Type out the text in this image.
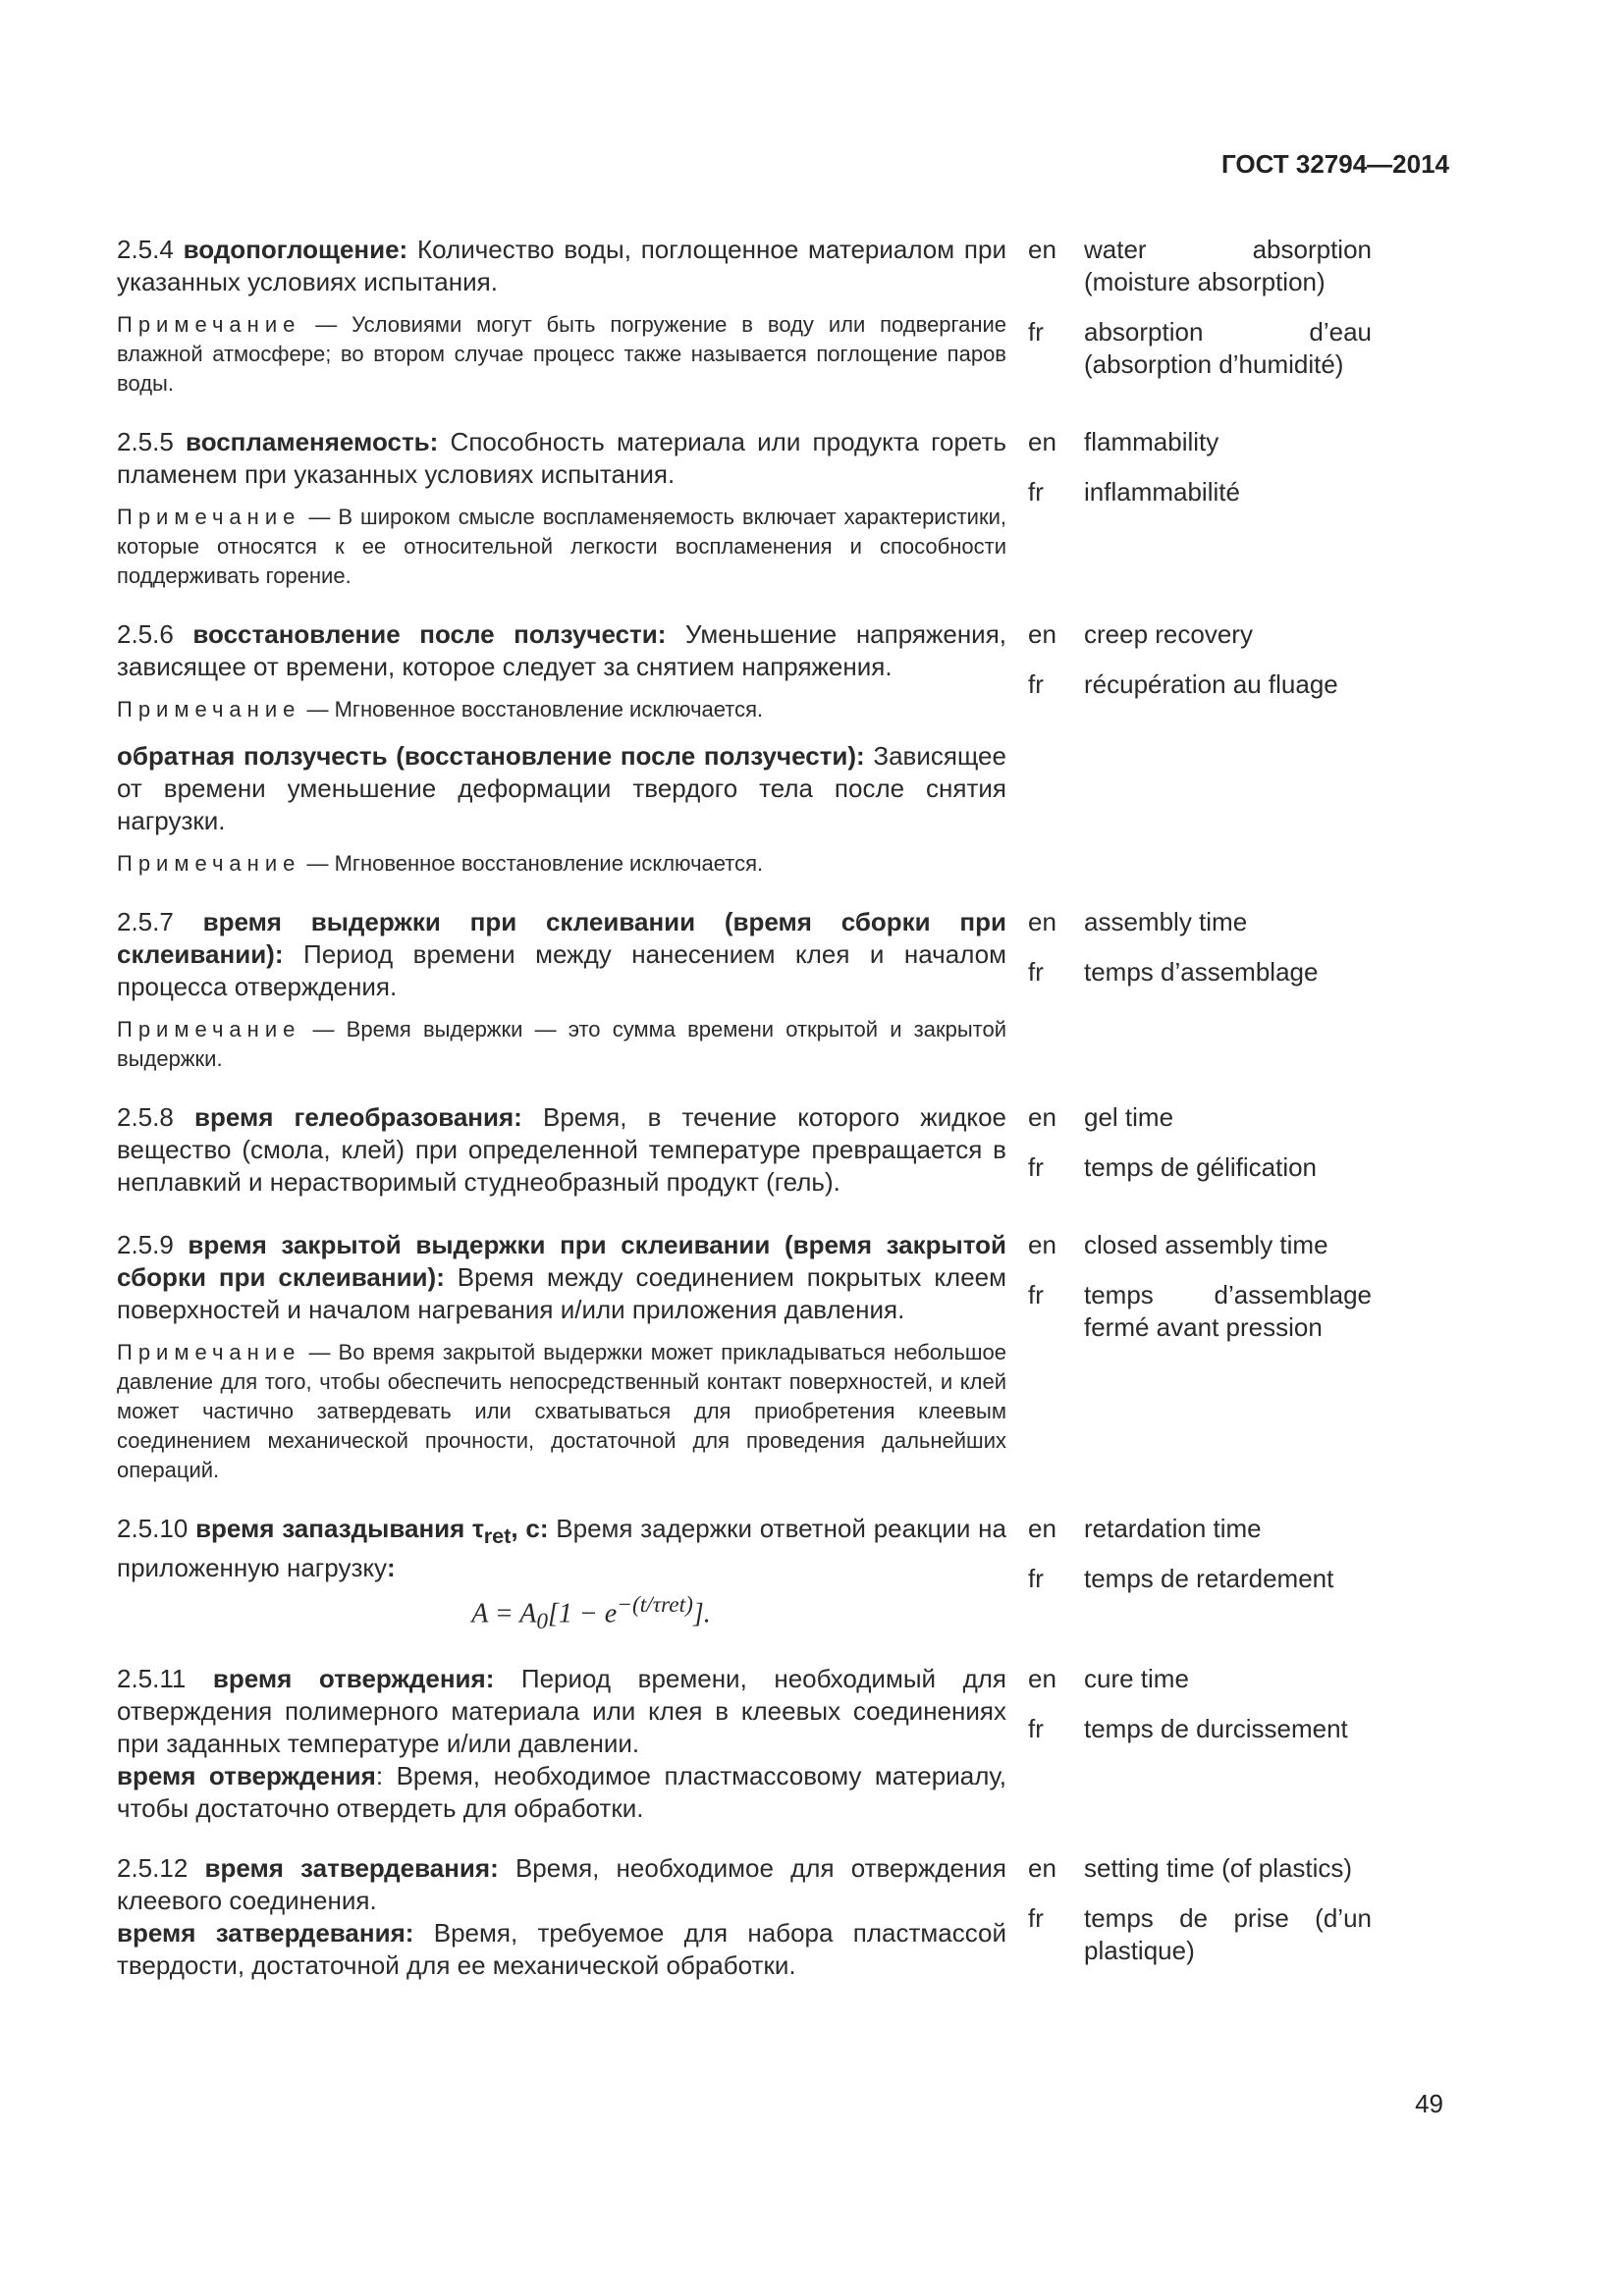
ГОСТ 32794—2014

2.5.4 водопоглощение: Количество воды, поглощенное материалом при указанных условиях испытания.

Примечание — Условиями могут быть погружение в воду или подвергание влажной атмосфере; во втором случае процесс также называется поглощение паров воды.

en	water absorption (moisture absorption)
fr	absorption d’eau (absorption d’humidité)

2.5.5 воспламеняемость: Способность материала или продукта гореть пламенем при указанных условиях испытания.

Примечание — В широком смысле воспламеняемость включает характеристики, которые относятся к ее относительной легкости воспламенения и способности поддерживать горение.

en	flammability
fr	inflammabilité

2.5.6 восстановление после ползучести: Уменьшение напряжения, зависящее от времени, которое следует за снятием напряжения.

Примечание — Мгновенное восстановление исключается.

обратная ползучесть (восстановление после ползучести): Зависящее от времени уменьшение деформации твердого тела после снятия нагрузки.

Примечание — Мгновенное восстановление исключается.

en	creep recovery
fr	récupération au fluage

2.5.7 время выдержки при склеивании (время сборки при склеивании): Период времени между нанесением клея и началом процесса отверждения.

Примечание — Время выдержки — это сумма времени открытой и закрытой выдержки.

en	assembly time
fr	temps d’assemblage

2.5.8 время гелеобразования: Время, в течение которого жидкое вещество (смола, клей) при определенной температуре превращается в неплавкий и нерастворимый студнеобразный продукт (гель).

en	gel time
fr	temps de gélification

2.5.9 время закрытой выдержки при склеивании (время закрытой сборки при склеивании): Время между соединением покрытых клеем поверхностей и началом нагревания и/или приложения давления.

Примечание — Во время закрытой выдержки может прикладываться небольшое давление для того, чтобы обеспечить непосредственный контакт поверхностей, и клей может частично затвердевать или схватываться для приобретения клеевым соединением механической прочности, достаточной для проведения дальнейших операций.

en	closed assembly time
fr	temps d’assemblage fermé avant pression

2.5.10 время запаздывания $\tau_{ret}$, с: Время задержки ответной реакции на приложенную нагрузку:

$A = A_0[1 - e^{-(t/\tau ret)}]$.

en	retardation time
fr	temps de retardement

2.5.11 время отверждения: Период времени, необходимый для отверждения полимерного материала или клея в клеевых соединениях при заданных температуре и/или давлении.

время отверждения: Время, необходимое пластмассовому материалу, чтобы достаточно отвердеть для обработки.

en	cure time
fr	temps de durcissement

2.5.12 время затвердевания: Время, необходимое для отверждения клеевого соединения.

время затвердевания: Время, требуемое для набора пластмассой твердости, достаточной для ее механической обработки.

en	setting time (of plastics)
fr	temps de prise (d’un plastique)
49
